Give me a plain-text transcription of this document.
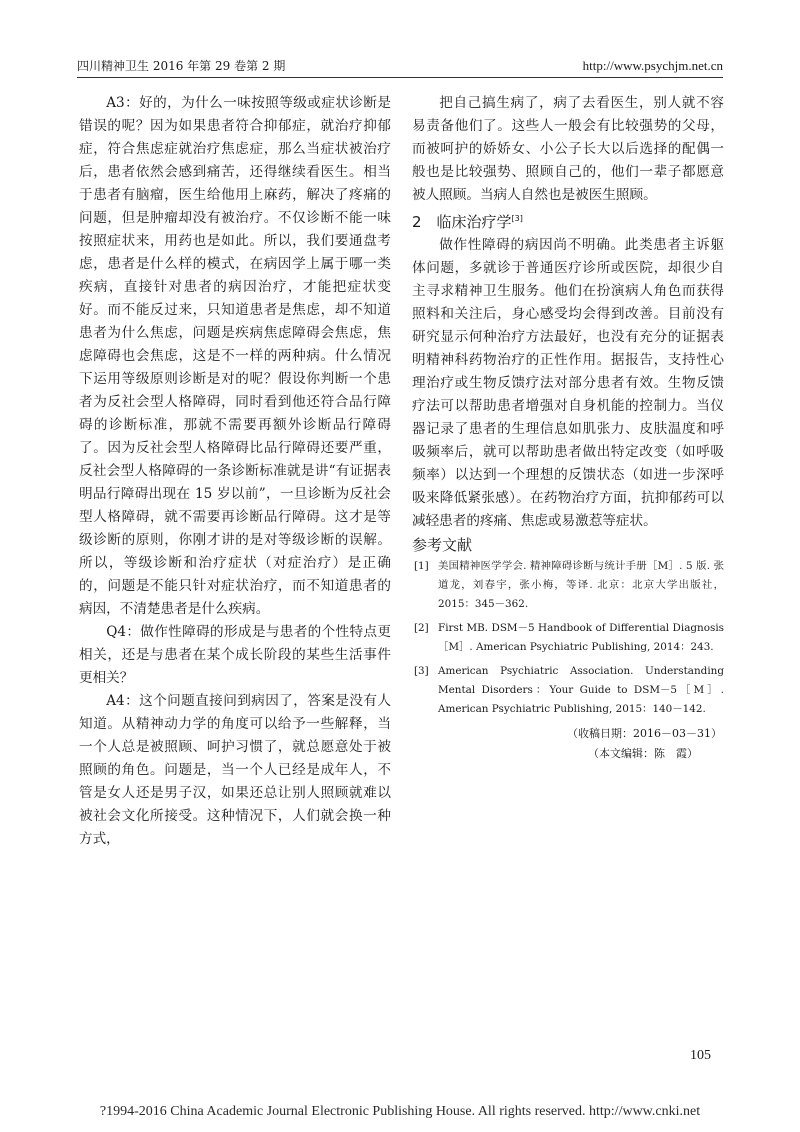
四川精神卫生 2016 年第 29 卷第 2 期	http://www.psychjm.net.cn

A3：好的，为什么一味按照等级或症状诊断是错误的呢？因为如果患者符合抑郁症，就治疗抑郁症，符合焦虑症就治疗焦虑症，那么当症状被治疗后，患者依然会感到痛苦，还得继续看医生。相当于患者有脑瘤，医生给他用上麻药，解决了疼痛的问题，但是肿瘤却没有被治疗。不仅诊断不能一味按照症状来，用药也是如此。所以，我们要通盘考虑，患者是什么样的模式，在病因学上属于哪一类疾病，直接针对患者的病因治疗，才能把症状变好。而不能反过来，只知道患者是焦虑，却不知道患者为什么焦虑，问题是疾病焦虑障碍会焦虑，焦虑障碍也会焦虑，这是不一样的两种病。什么情况下运用等级原则诊断是对的呢？假设你判断一个患者为反社会型人格障碍，同时看到他还符合品行障碍的诊断标准，那就不需要再额外诊断品行障碍了。因为反社会型人格障碍比品行障碍还要严重，反社会型人格障碍的一条诊断标准就是讲“有证据表明品行障碍出现在 15 岁以前”，一旦诊断为反社会型人格障碍，就不需要再诊断品行障碍。这才是等级诊断的原则，你刚才讲的是对等级诊断的误解。所以，等级诊断和治疗症状（对症治疗）是正确的，问题是不能只针对症状治疗，而不知道患者的病因，不清楚患者是什么疾病。

Q4：做作性障碍的形成是与患者的个性特点更相关，还是与患者在某个成长阶段的某些生活事件更相关？

A4：这个问题直接问到病因了，答案是没有人知道。从精神动力学的角度可以给予一些解释，当一个人总是被照顾、呵护习惯了，就总愿意处于被照顾的角色。问题是，当一个人已经是成年人，不管是女人还是男子汉，如果还总让别人照顾就难以被社会文化所接受。这种情况下，人们就会换一种方式，

把自己搞生病了，病了去看医生，别人就不容易责备他们了。这些人一般会有比较强势的父母，而被呵护的娇娇女、小公子长大以后选择的配偶一般也是比较强势、照顾自己的，他们一辈子都愿意被人照顾。当病人自然也是被医生照顾。

2　临床治疗学[3]

做作性障碍的病因尚不明确。此类患者主诉躯体问题，多就诊于普通医疗诊所或医院，却很少自主寻求精神卫生服务。他们在扮演病人角色而获得照料和关注后，身心感受均会得到改善。目前没有研究显示何种治疗方法最好，也没有充分的证据表明精神科药物治疗的正性作用。据报告，支持性心理治疗或生物反馈疗法对部分患者有效。生物反馈疗法可以帮助患者增强对自身机能的控制力。当仪器记录了患者的生理信息如肌张力、皮肤温度和呼吸频率后，就可以帮助患者做出特定改变（如呼吸频率）以达到一个理想的反馈状态（如进一步深呼吸来降低紧张感）。在药物治疗方面，抗抑郁药可以减轻患者的疼痛、焦虑或易激惹等症状。

参考文献

[1] 美国精神医学学会. 精神障碍诊断与统计手册［M］. 5 版. 张道龙，刘春宇，张小梅，等译. 北京：北京大学出版社，2015：345－362.
[2] First MB. DSM－5 Handbook of Differential Diagnosis［M］. American Psychiatric Publishing, 2014：243.
[3] American Psychiatric Association. Understanding Mental Disorders：Your Guide to DSM－5［M］. American Psychiatric Publishing, 2015：140－142.
（收稿日期：2016－03－31）
（本文编辑：陈　霞）
105
?1994-2016 China Academic Journal Electronic Publishing House. All rights reserved. http://www.cnki.net
